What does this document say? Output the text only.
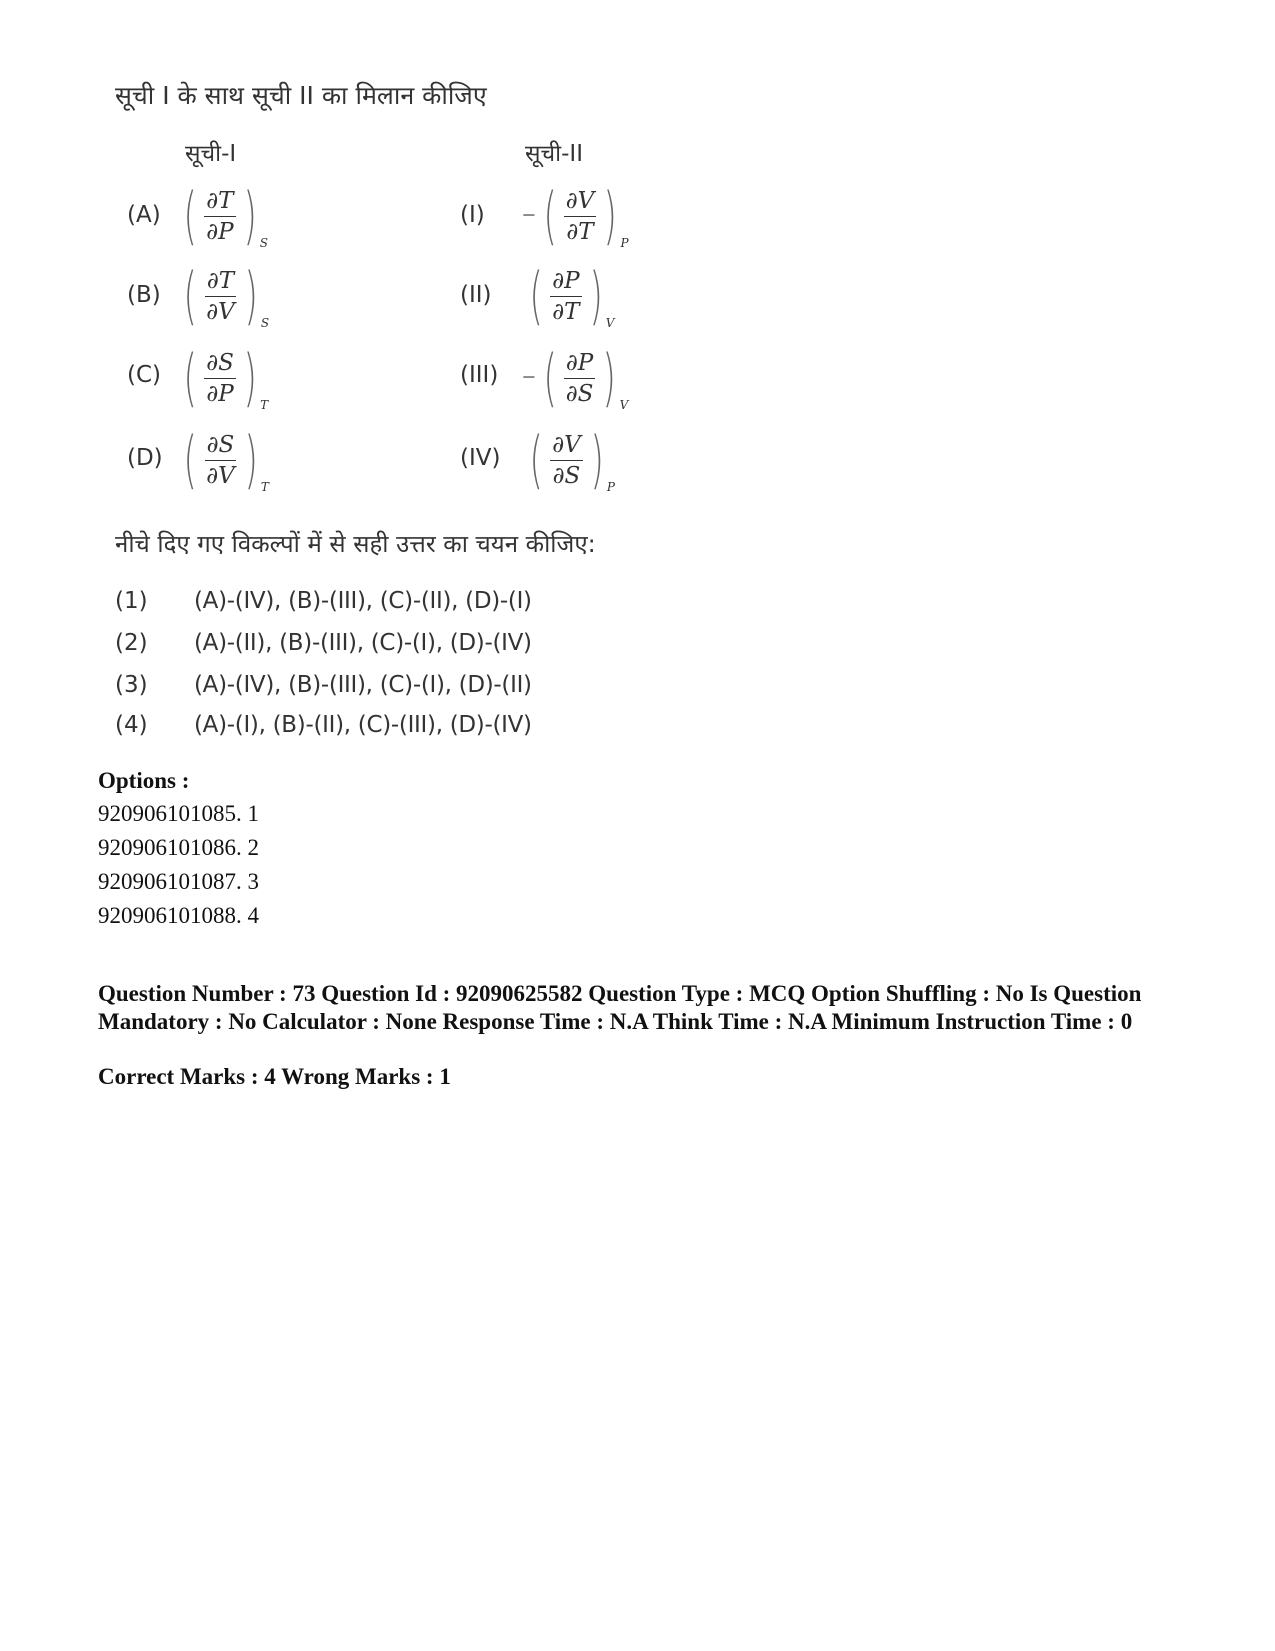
सूची I के साथ सूची II का मिलान कीजिए
सूची-I	सूची-II
(A) ( $\frac{\partial T}{\partial P}$ ) S
(B) ( $\frac{\partial T}{\partial V}$ ) S
(C) ( $\frac{\partial S}{\partial P}$ ) T
(D) ( $\frac{\partial S}{\partial V}$ ) T
(I) − ( $\frac{\partial V}{\partial T}$ ) P
(II) ( $\frac{\partial P}{\partial T}$ ) V
(III) − ( $\frac{\partial P}{\partial S}$ ) V
(IV) ( $\frac{\partial V}{\partial S}$ ) P
नीचे दिए गए विकल्पों में से सही उत्तर का चयन कीजिए:
(1) (A)-(IV), (B)-(III), (C)-(II), (D)-(I)
(2) (A)-(II), (B)-(III), (C)-(I), (D)-(IV)
(3) (A)-(IV), (B)-(III), (C)-(I), (D)-(II)
(4) (A)-(I), (B)-(II), (C)-(III), (D)-(IV)
Options :
920906101085. 1
920906101086. 2
920906101087. 3
920906101088. 4
Question Number : 73 Question Id : 92090625582 Question Type : MCQ Option Shuffling : No Is Question Mandatory : No Calculator : None Response Time : N.A Think Time : N.A Minimum Instruction Time : 0
Correct Marks : 4 Wrong Marks : 1
